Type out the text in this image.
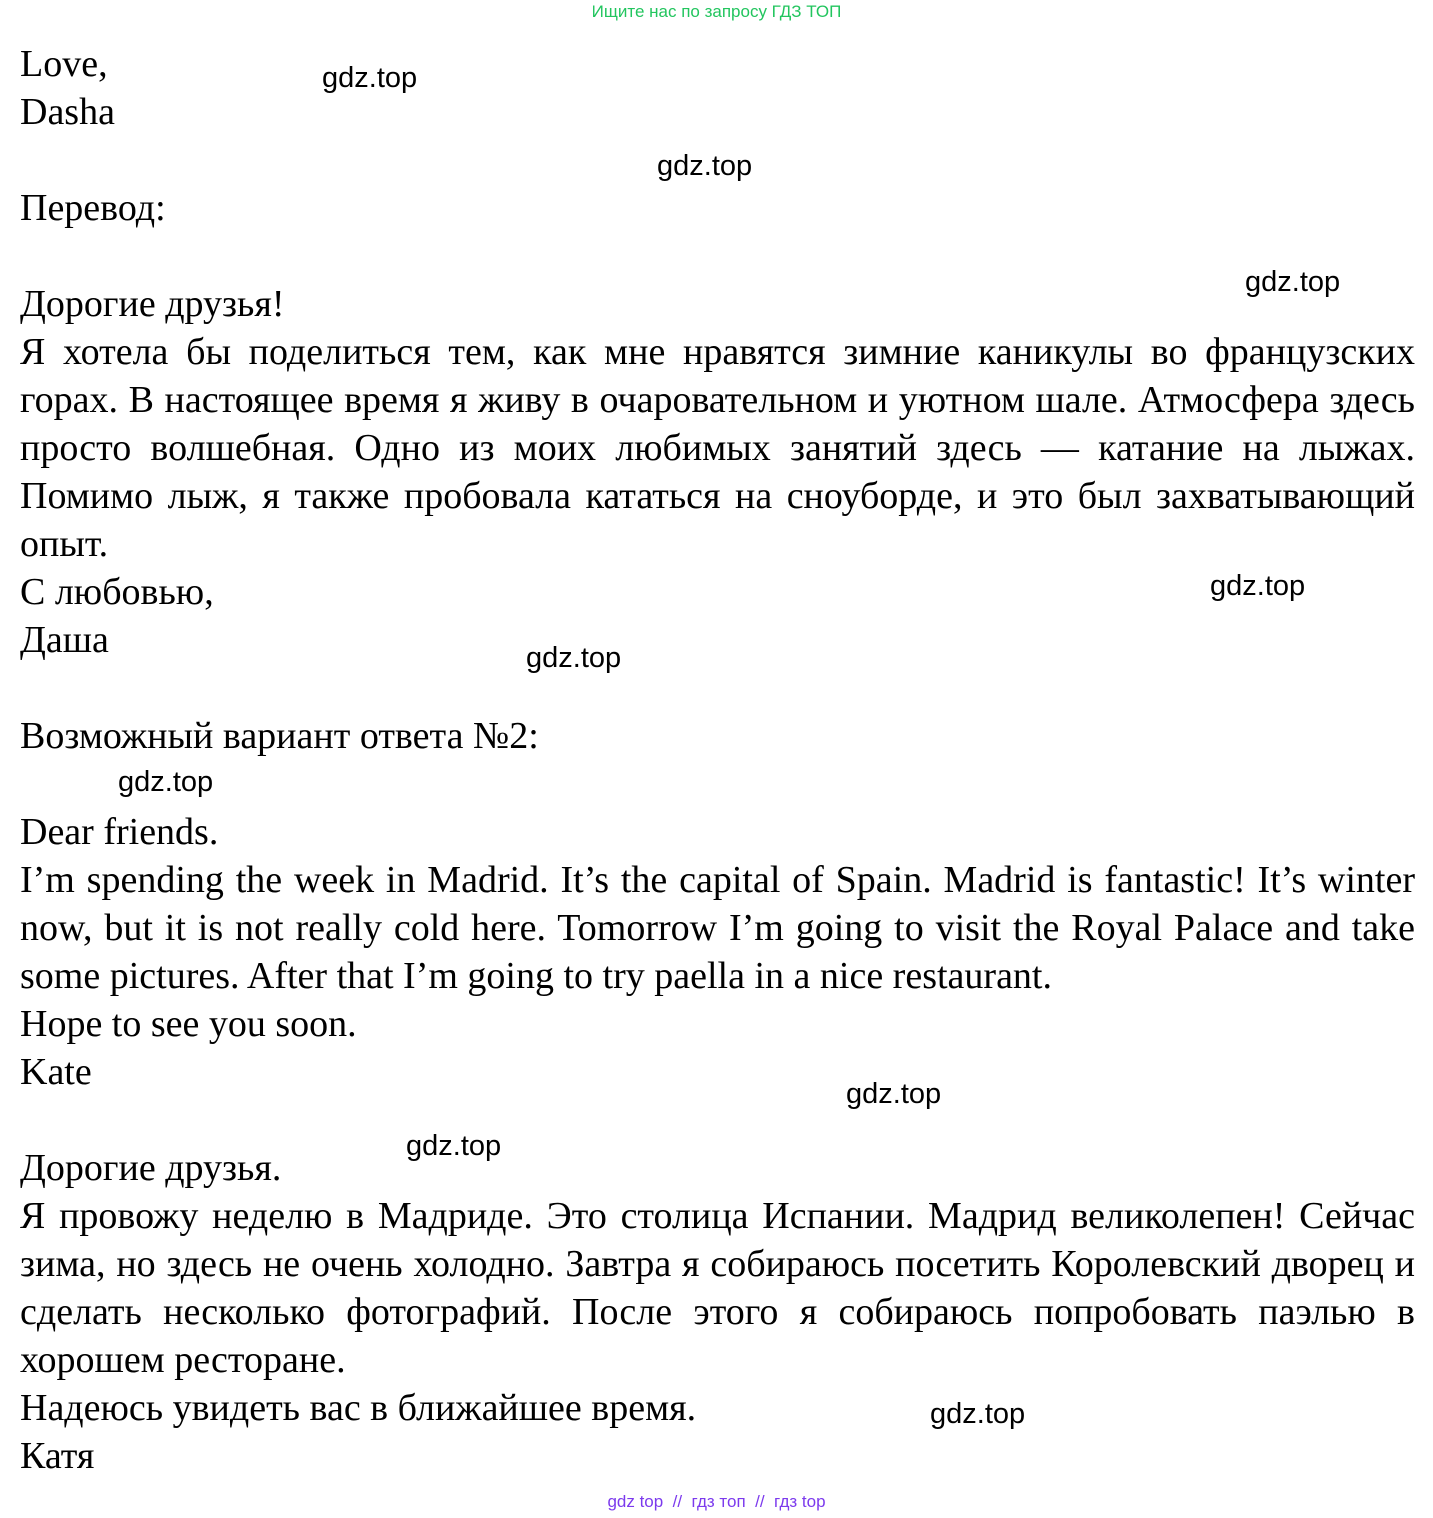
Ищите нас по запросу ГДЗ ТОП
Love,
Dasha
Перевод:
Дорогие друзья!
Я хотела бы поделиться тем, как мне нравятся зимние каникулы во французских горах. В настоящее время я живу в очаровательном и уютном шале. Атмосфера здесь просто волшебная. Одно из моих любимых занятий здесь — катание на лыжах. Помимо лыж, я также пробовала кататься на сноуборде, и это был захватывающий опыт.
С любовью,
Даша
Возможный вариант ответа №2:
Dear friends.
I’m spending the week in Madrid. It’s the capital of Spain. Madrid is fantastic! It’s winter now, but it is not really cold here. Tomorrow I’m going to visit the Royal Palace and take some pictures. After that I’m going to try paella in a nice restaurant.
Hope to see you soon.
Kate
Дорогие друзья.
Я провожу неделю в Мадриде. Это столица Испании. Мадрид великолепен! Сейчас зима, но здесь не очень холодно. Завтра я собираюсь посетить Королевский дворец и сделать несколько фотографий. После этого я собираюсь попробовать паэлью в хорошем ресторане.
Надеюсь увидеть вас в ближайшее время.
Катя
gdz.top
gdz.top
gdz.top
gdz.top
gdz.top
gdz.top
gdz.top
gdz.top
gdz.top
gdz top  //  гдз топ  //  гдз top
